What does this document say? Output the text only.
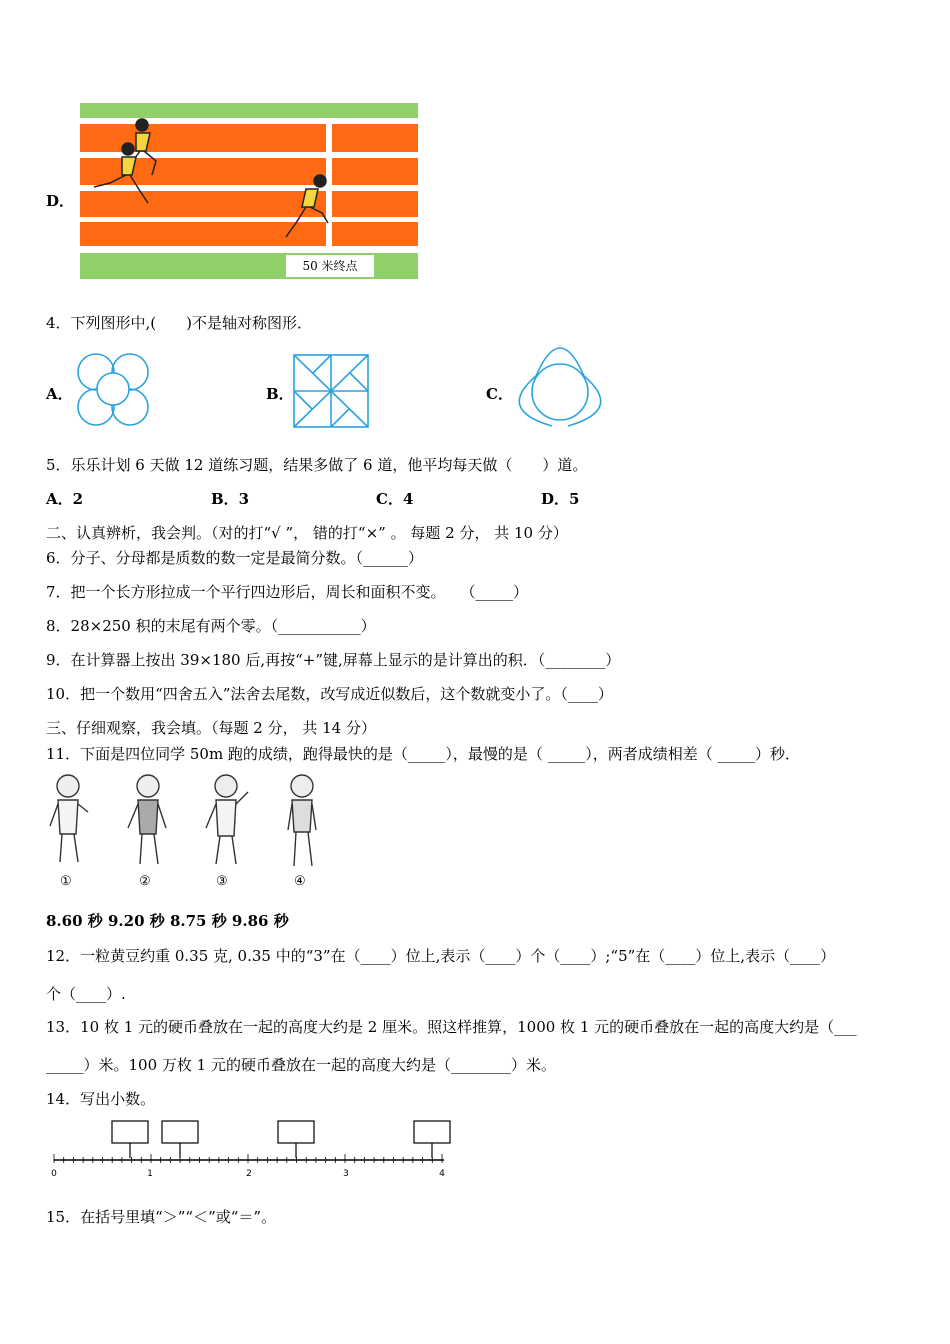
D．
50 米终点
4．下列图形中,(　　)不是轴对称图形．
A．	B．	C．
5．乐乐计划 6 天做 12 道练习题，结果多做了 6 道，他平均每天做（　　）道。
A．2	B．3	C．4	D．5
二、认真辨析，我会判。（对的打“√ ”， 错的打“×” 。 每题 2 分， 共 10 分）
6．分子、分母都是质数的数一定是最简分数。（______）
7．把一个长方形拉成一个平行四边形后，周长和面积不变。　　（_____）
8．28×250 积的末尾有两个零。（___________）
9．在计算器上按出 39×180 后,再按“+”键,屏幕上显示的是计算出的积．（________）
10．把一个数用“四舍五入”法舍去尾数，改写成近似数后，这个数就变小了。（____）
三、仔细观察，我会填。（每题 2 分， 共 14 分）
11．下面是四位同学 50m 跑的成绩，跑得最快的是（_____），最慢的是（ _____），两者成绩相差（ _____）秒．
①	②	③	④
8.60 秒 9.20 秒 8.75 秒 9.86 秒
12．一粒黄豆约重 0.35 克, 0.35 中的“3”在（____）位上,表示（____）个（____）;“5”在（____）位上,表示（____）
个（____）.
13．10 枚 1 元的硬币叠放在一起的高度大约是 2 厘米。照这样推算，1000 枚 1 元的硬币叠放在一起的高度大约是（___
_____）米。100 万枚 1 元的硬币叠放在一起的高度大约是（________）米。
14．写出小数。
0	1	2	3	4
15．在括号里填“＞”“＜”或“＝”。
